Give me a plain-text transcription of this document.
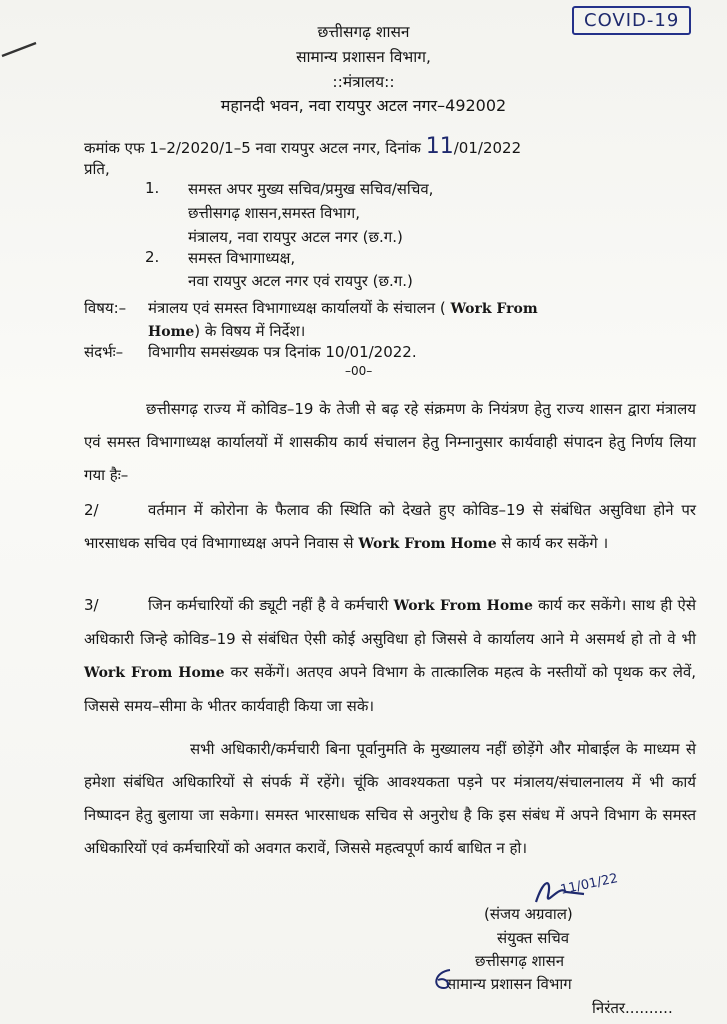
COVID-19
छत्तीसगढ़ शासन
सामान्य प्रशासन विभाग,
::मंत्रालय::
महानदी भवन, नवा रायपुर अटल नगर–492002
कमांक एफ 1–2/2020/1–5 नवा रायपुर अटल नगर, दिनांक 11/01/2022
प्रति,
1. समस्त अपर मुख्य सचिव/प्रमुख सचिव/सचिव,
छत्तीसगढ़ शासन,समस्त विभाग,
मंत्रालय, नवा रायपुर अटल नगर (छ.ग.)
2. समस्त विभागाध्यक्ष,
नवा रायपुर अटल नगर एवं रायपुर (छ.ग.)
विषय:– मंत्रालय एवं समस्त विभागाध्यक्ष कार्यालयों के संचालन ( Work From
Home) के विषय में निर्देश।
संदर्भः– विभागीय समसंख्यक पत्र दिनांक 10/01/2022.
–00–
छत्तीसगढ़ राज्य में कोविड–19 के तेजी से बढ़ रहे संक्रमण के नियंत्रण हेतु राज्य शासन द्वारा मंत्रालय एवं समस्त विभागाध्यक्ष कार्यालयों में शासकीय कार्य संचालन हेतु निम्नानुसार कार्यवाही संपादन हेतु निर्णय लिया गया हैः–
2/	वर्तमान में कोरोना के फैलाव की स्थिति को देखते हुए कोविड–19 से संबंधित असुविधा होने पर भारसाधक सचिव एवं विभागाध्यक्ष अपने निवास से Work From Home से कार्य कर सकेंगे ।
3/	जिन कर्मचारियों की ड्यूटी नहीं है वे कर्मचारी Work From Home कार्य कर सकेंगे। साथ ही ऐसे अधिकारी जिन्हे कोविड–19 से संबंधित ऐसी कोई असुविधा हो जिससे वे कार्यालय आने मे असमर्थ हो तो वे भी Work From Home कर सकेंगें। अतएव अपने विभाग के तात्कालिक महत्व के नस्तीयों को पृथक कर लेवें, जिससे समय–सीमा के भीतर कार्यवाही किया जा सके।
सभी अधिकारी/कर्मचारी बिना पूर्वानुमति के मुख्यालय नहीं छोड़ेंगे और मोबाईल के माध्यम से हमेशा संबंधित अधिकारियों से संपर्क में रहेंगे। चूंकि आवश्यकता पड़ने पर मंत्रालय/संचालनालय में भी कार्य निष्पादन हेतु बुलाया जा सकेगा। समस्त भारसाधक सचिव से अनुरोध है कि इस संबंध में अपने विभाग के समस्त अधिकारियों एवं कर्मचारियों को अवगत करावें, जिससे महत्वपूर्ण कार्य बाधित न हो।
11/01/22
(संजय अग्रवाल)
संयुक्त सचिव
छत्तीसगढ़ शासन
सामान्य प्रशासन विभाग
निरंतर..........
